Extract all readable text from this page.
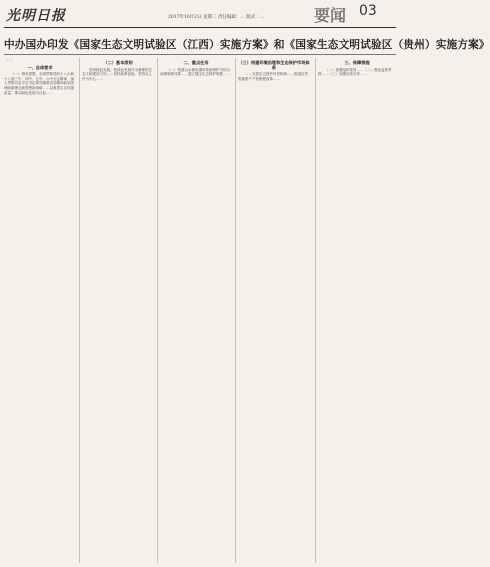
光明日报	2017年10月2日 星期二 责任编辑：… 版式：…	要闻 03
中办国办印发《国家生态文明试验区（江西）实施方案》和《国家生态文明试验区（贵州）实施方案》
（…）
一、总体要求

（一）指导思想。全面贯彻党的十八大和十八届三中、四中、五中、六中全会精神，深入贯彻习近平总书记系列重要讲话精神和治国理政新理念新思想新战略……以改善生态环境质量、推动绿色发展为目标……

（二）基本原则

坚持绿色发展。把绿色发展作为重要的生态文明建设方向……坚持改革创新。坚持以人民为中心……

二、重点任务

（一）构建山水林田湖草系统保护与综合治理制度体系……建立健全生态保护制度……

（三）构建环境治理和生态保护市场体系

……完善生态保护补偿机制……推进自然资源资产产权制度改革……

三、保障措施

（一）加强组织领导……（二）强化监督考核……（三）加强宣传引导……
